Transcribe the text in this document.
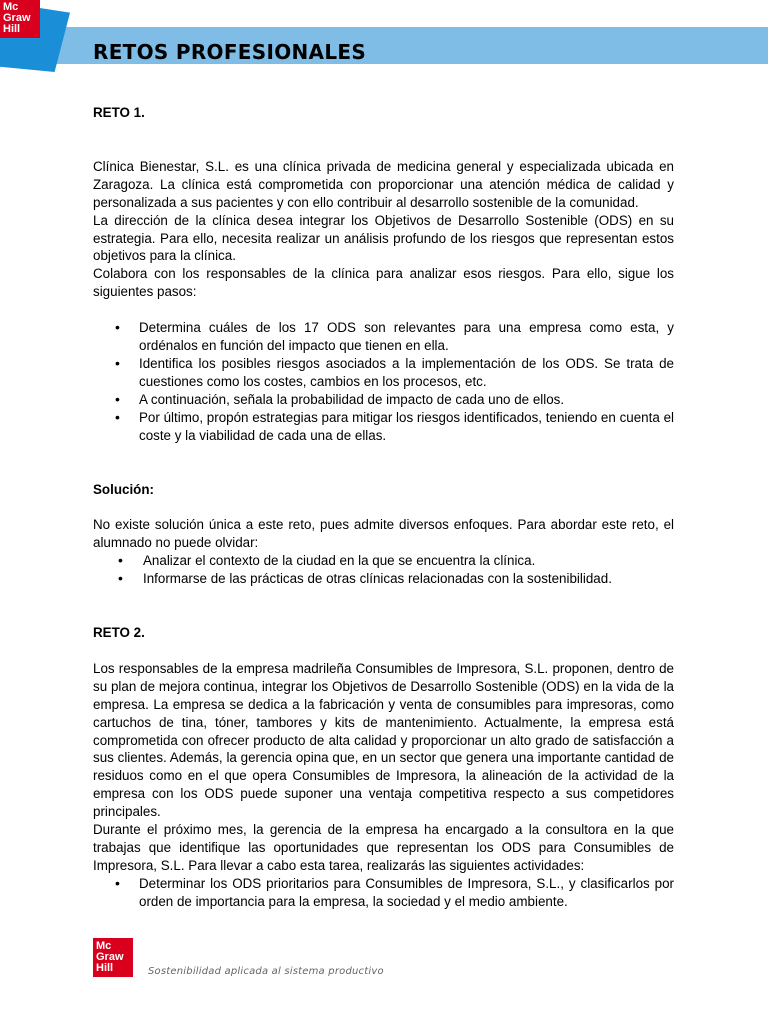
Mc
Graw
Hill
RETOS PROFESIONALES

RETO 1.

Clínica Bienestar, S.L. es una clínica privada de medicina general y especializada ubicada en Zaragoza. La clínica está comprometida con proporcionar una atención médica de calidad y personalizada a sus pacientes y con ello contribuir al desarrollo sostenible de la comunidad.

La dirección de la clínica desea integrar los Objetivos de Desarrollo Sostenible (ODS) en su estrategia. Para ello, necesita realizar un análisis profundo de los riesgos que representan estos objetivos para la clínica.

Colabora con los responsables de la clínica para analizar esos riesgos. Para ello, sigue los siguientes pasos:

• Determina cuáles de los 17 ODS son relevantes para una empresa como esta, y ordénalos en función del impacto que tienen en ella.
• Identifica los posibles riesgos asociados a la implementación de los ODS. Se trata de cuestiones como los costes, cambios en los procesos, etc.
• A continuación, señala la probabilidad de impacto de cada uno de ellos.
• Por último, propón estrategias para mitigar los riesgos identificados, teniendo en cuenta el coste y la viabilidad de cada una de ellas.

Solución:

No existe solución única a este reto, pues admite diversos enfoques. Para abordar este reto, el alumnado no puede olvidar:

• Analizar el contexto de la ciudad en la que se encuentra la clínica.
• Informarse de las prácticas de otras clínicas relacionadas con la sostenibilidad.

RETO 2.

Los responsables de la empresa madrileña Consumibles de Impresora, S.L. proponen, dentro de su plan de mejora continua, integrar los Objetivos de Desarrollo Sostenible (ODS) en la vida de la empresa. La empresa se dedica a la fabricación y venta de consumibles para impresoras, como cartuchos de tina, tóner, tambores y kits de mantenimiento. Actualmente, la empresa está comprometida con ofrecer producto de alta calidad y proporcionar un alto grado de satisfacción a sus clientes. Además, la gerencia opina que, en un sector que genera una importante cantidad de residuos como en el que opera Consumibles de Impresora, la alineación de la actividad de la empresa con los ODS puede suponer una ventaja competitiva respecto a sus competidores principales.

Durante el próximo mes, la gerencia de la empresa ha encargado a la consultora en la que trabajas que identifique las oportunidades que representan los ODS para Consumibles de Impresora, S.L. Para llevar a cabo esta tarea, realizarás las siguientes actividades:

• Determinar los ODS prioritarios para Consumibles de Impresora, S.L., y clasificarlos por orden de importancia para la empresa, la sociedad y el medio ambiente.
Mc
Graw
Hill	Sostenibilidad aplicada al sistema productivo
